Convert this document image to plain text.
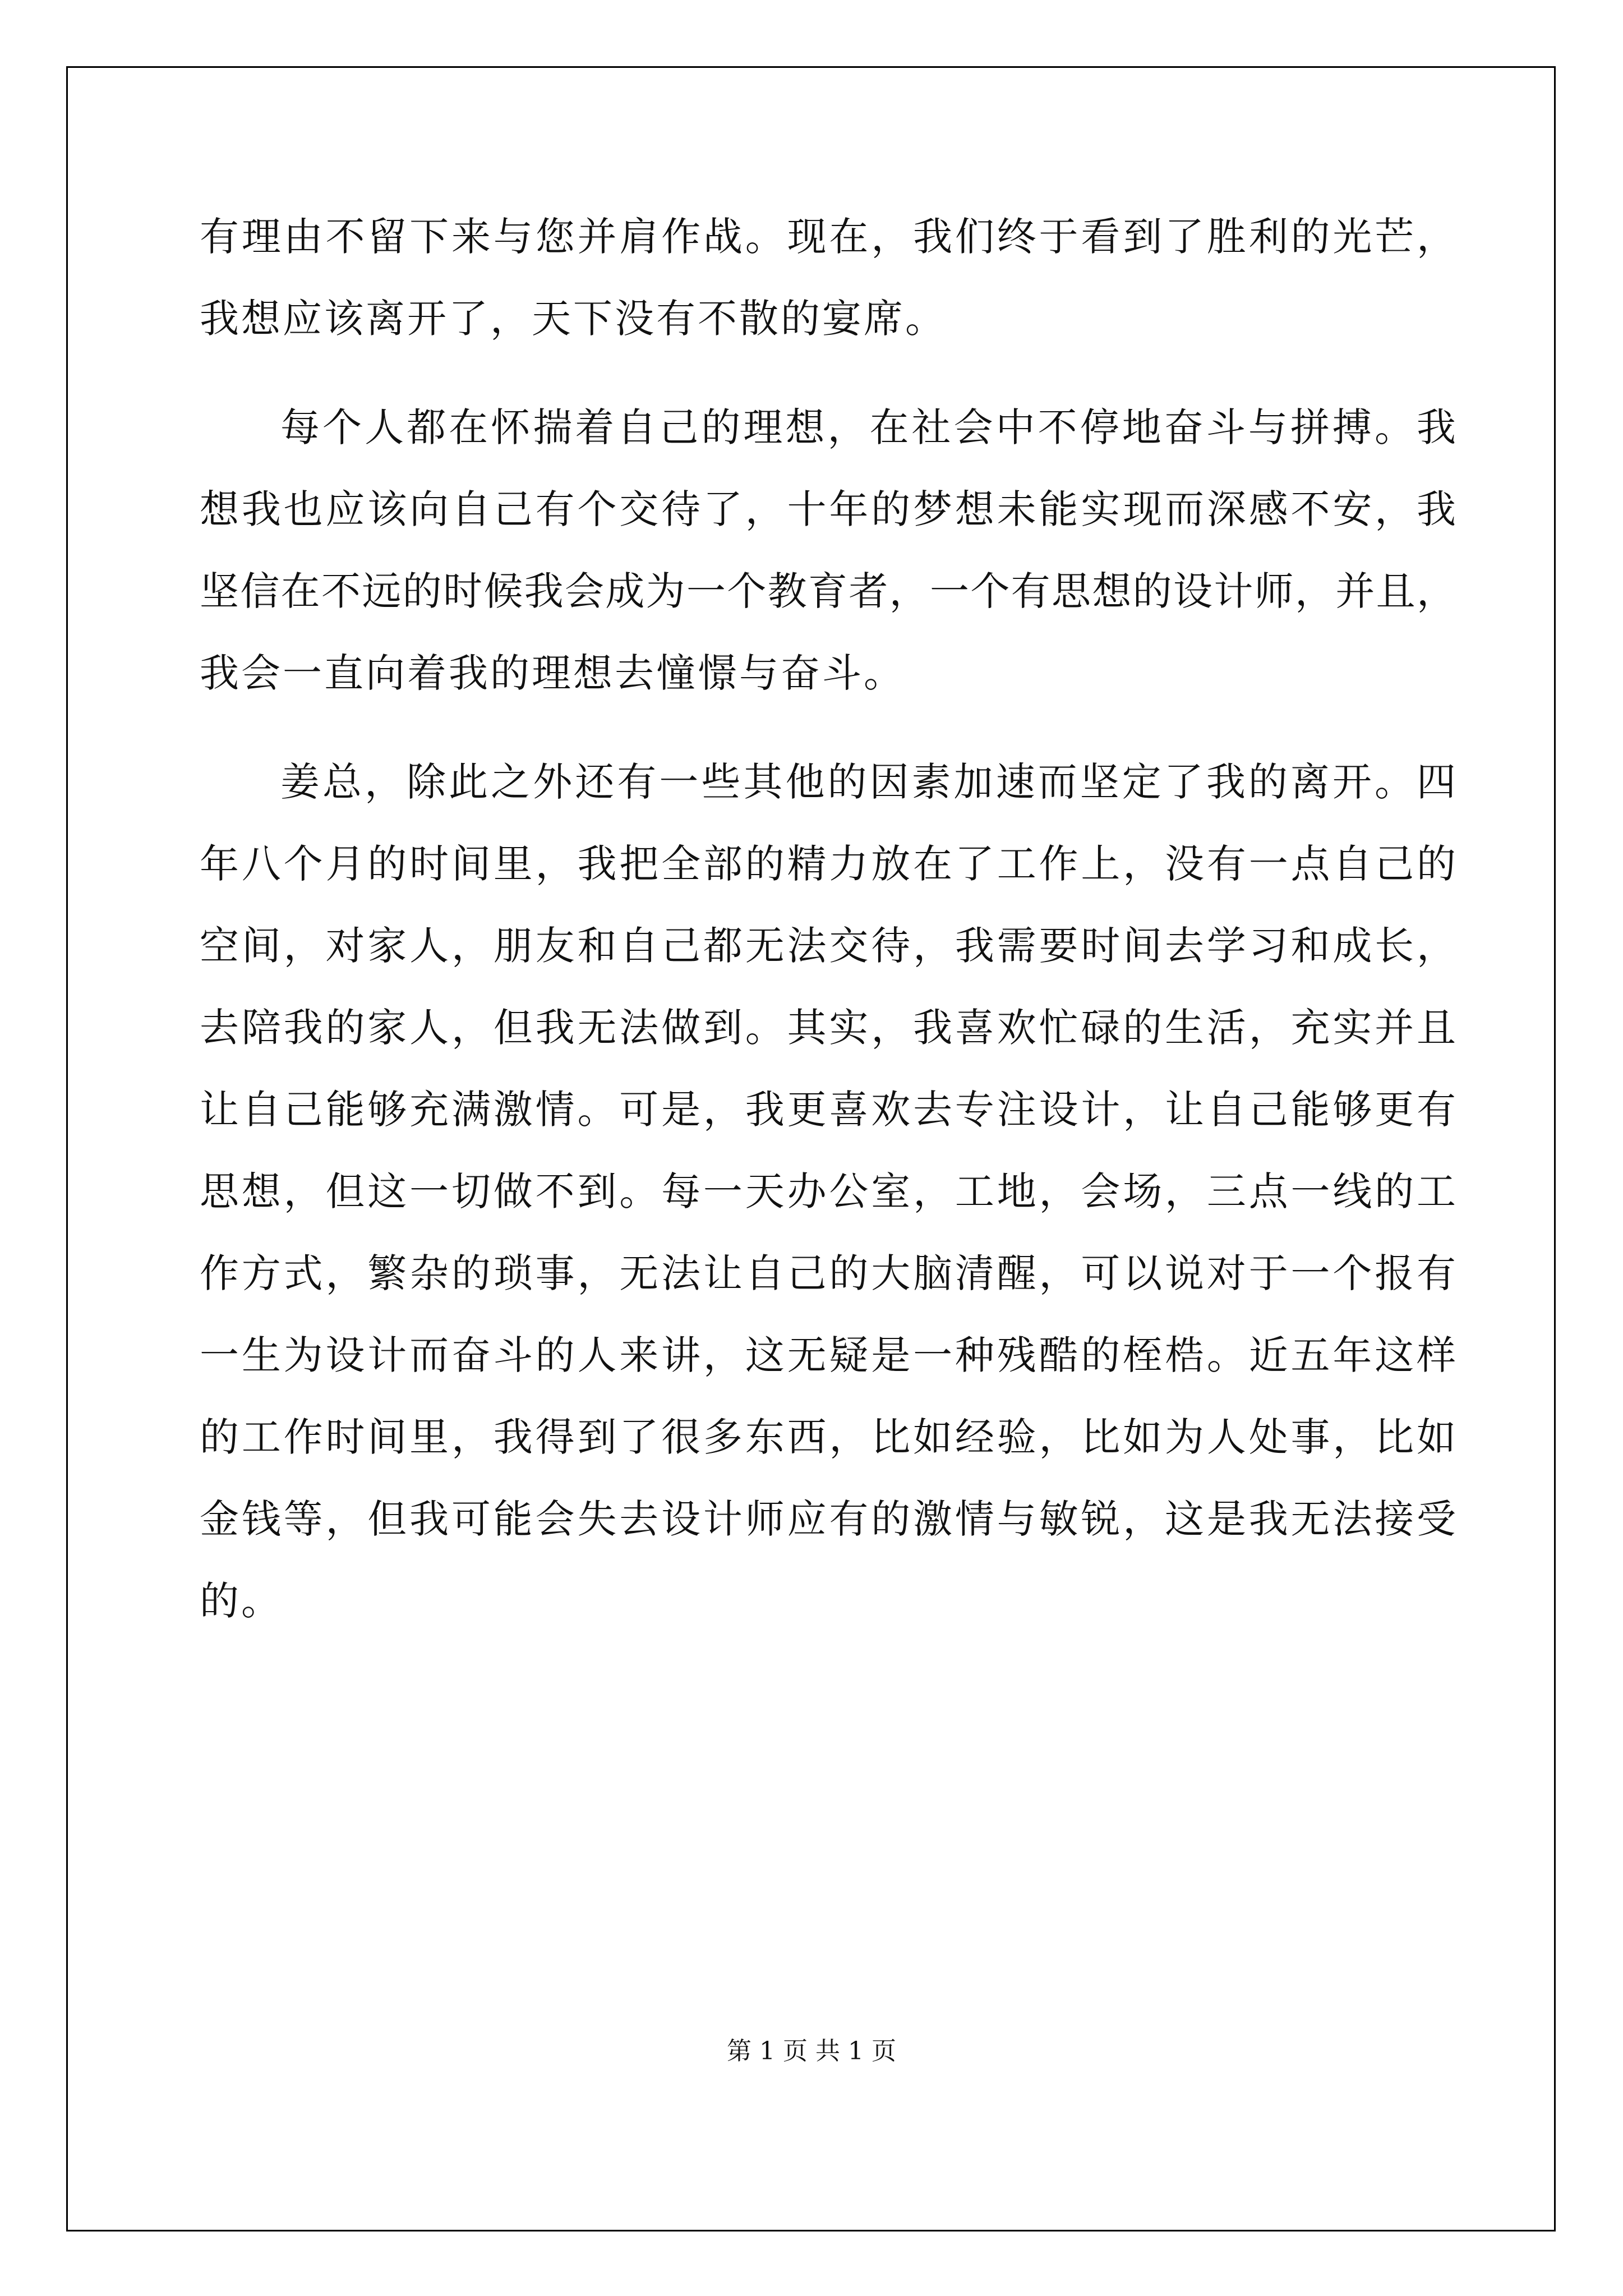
有理由不留下来与您并肩作战。现在，我们终于看到了胜利的光芒，
我想应该离开了，天下没有不散的宴席。
每个人都在怀揣着自己的理想，在社会中不停地奋斗与拼搏。我
想我也应该向自己有个交待了，十年的梦想未能实现而深感不安，我
坚信在不远的时候我会成为一个教育者，一个有思想的设计师，并且，
我会一直向着我的理想去憧憬与奋斗。
姜总，除此之外还有一些其他的因素加速而坚定了我的离开。四
年八个月的时间里，我把全部的精力放在了工作上，没有一点自己的
空间，对家人，朋友和自己都无法交待，我需要时间去学习和成长，
去陪我的家人，但我无法做到。其实，我喜欢忙碌的生活，充实并且
让自己能够充满激情。可是，我更喜欢去专注设计，让自己能够更有
思想，但这一切做不到。每一天办公室，工地，会场，三点一线的工
作方式，繁杂的琐事，无法让自己的大脑清醒，可以说对于一个报有
一生为设计而奋斗的人来讲，这无疑是一种残酷的桎梏。近五年这样
的工作时间里，我得到了很多东西，比如经验，比如为人处事，比如
金钱等，但我可能会失去设计师应有的激情与敏锐，这是我无法接受
的。
第 1 页 共 1 页
